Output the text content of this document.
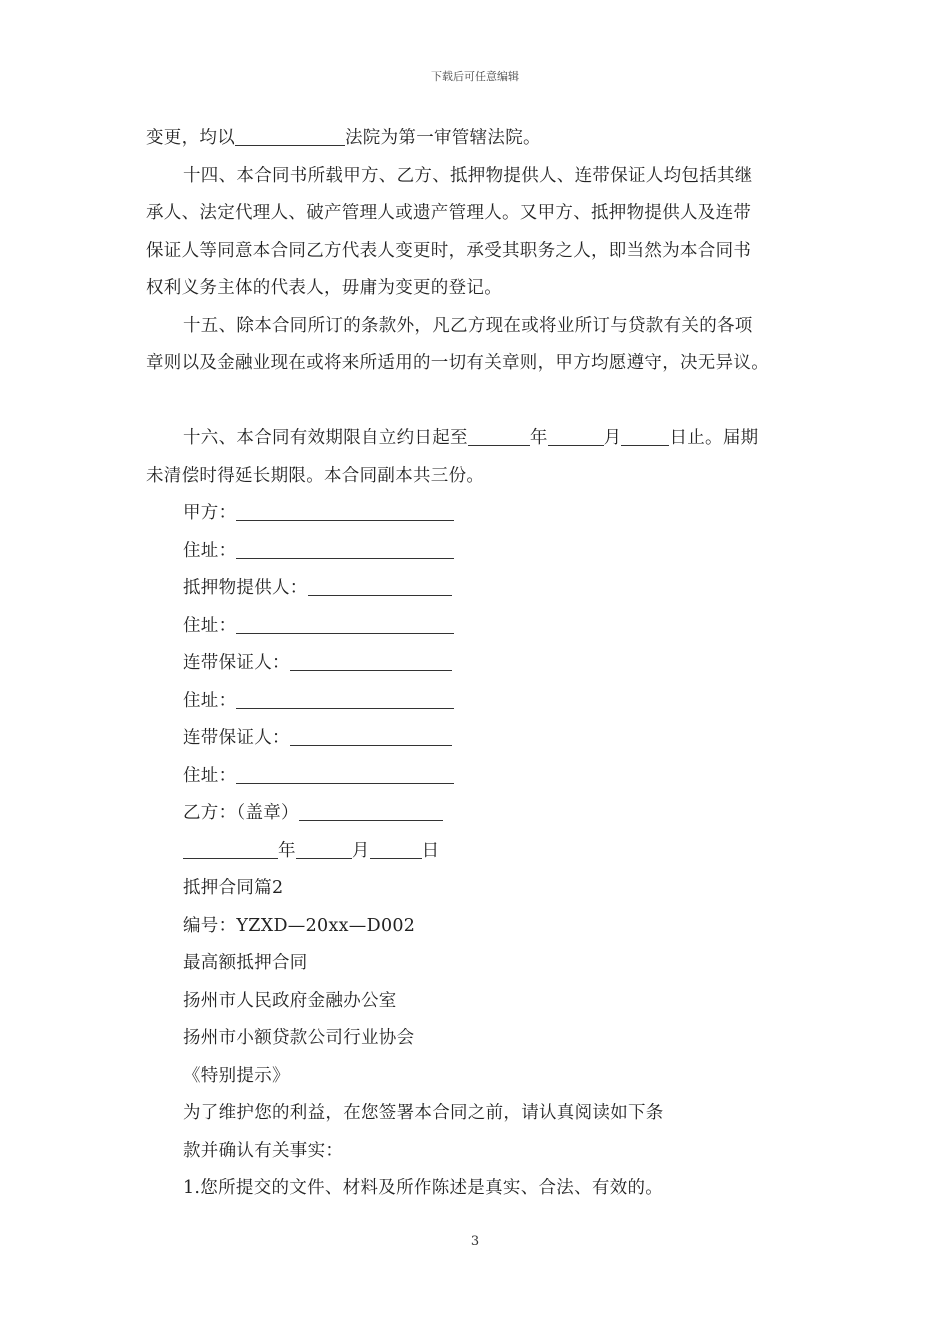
下载后可任意编辑

变更，均以	法院为第一审管辖法院。

十四、本合同书所载甲方、乙方、抵押物提供人、连带保证人均包括其继

承人、法定代理人、破产管理人或遗产管理人。又甲方、抵押物提供人及连带

保证人等同意本合同乙方代表人变更时，承受其职务之人，即当然为本合同书

权利义务主体的代表人，毋庸为变更的登记。

十五、除本合同所订的条款外，凡乙方现在或将业所订与贷款有关的各项

章则以及金融业现在或将来所适用的一切有关章则，甲方均愿遵守，决无异议。

十六、本合同有效期限自立约日起至	年	月	日止。届期

未清偿时得延长期限。本合同副本共三份。

甲方：

住址：

抵押物提供人：

住址：

连带保证人：

住址：

连带保证人：

住址：

乙方：（盖章）

年	月	日

抵押合同篇2

编号：YZXD—20xx—D002

最高额抵押合同

扬州市人民政府金融办公室

扬州市小额贷款公司行业协会

《特别提示》

为了维护您的利益，在您签署本合同之前，请认真阅读如下条

款并确认有关事实：

1.您所提交的文件、材料及所作陈述是真实、合法、有效的。

3
